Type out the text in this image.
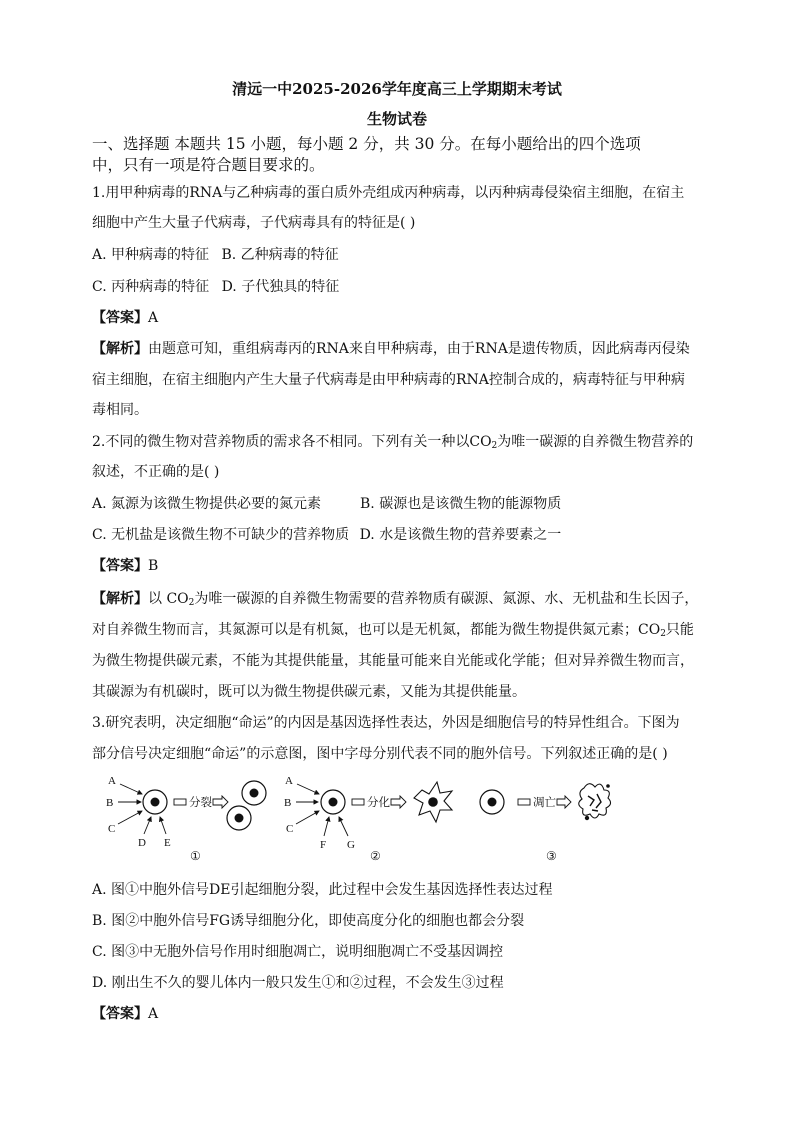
清远一中2025-2026学年度高三上学期期末考试
生物试卷
一、选择题 本题共 15 小题，每小题 2 分，共 30 分。在每小题给出的四个选项
中，只有一项是符合题目要求的。
1.用甲种病毒的RNA与乙种病毒的蛋白质外壳组成丙种病毒，以丙种病毒侵染宿主细胞，在宿主
细胞中产生大量子代病毒，子代病毒具有的特征是( )
A. 甲种病毒的特征 B. 乙种病毒的特征
C. 丙种病毒的特征 D. 子代独具的特征
【答案】A
【解析】由题意可知，重组病毒丙的RNA来自甲种病毒，由于RNA是遗传物质，因此病毒丙侵染
宿主细胞，在宿主细胞内产生大量子代病毒是由甲种病毒的RNA控制合成的，病毒特征与甲种病
毒相同。
2.不同的微生物对营养物质的需求各不相同。下列有关一种以$CO_2$为唯一碳源的自养微生物营养的
叙述，不正确的是( )
A. 氮源为该微生物提供必要的氮元素	B. 碳源也是该微生物的能源物质
C. 无机盐是该微生物不可缺少的营养物质 D. 水是该微生物的营养要素之一
【答案】B
【解析】以 $CO_2$为唯一碳源的自养微生物需要的营养物质有碳源、氮源、水、无机盐和生长因子，
对自养微生物而言，其氮源可以是有机氮，也可以是无机氮，都能为微生物提供氮元素；$CO_2$只能
为微生物提供碳元素，不能为其提供能量，其能量可能来自光能或化学能；但对异养微生物而言，
其碳源为有机碳时，既可以为微生物提供碳元素，又能为其提供能量。
3.研究表明，决定细胞“命运”的内因是基因选择性表达，外因是细胞信号的特异性组合。下图为
部分信号决定细胞“命运”的示意图，图中字母分别代表不同的胞外信号。下列叙述正确的是( )
A
B
C
D E
分裂
①
A
B
C
F G
分化
②
凋亡
③
A. 图①中胞外信号DE引起细胞分裂，此过程中会发生基因选择性表达过程
B. 图②中胞外信号FG诱导细胞分化，即使高度分化的细胞也都会分裂
C. 图③中无胞外信号作用时细胞凋亡，说明细胞凋亡不受基因调控
D. 刚出生不久的婴儿体内一般只发生①和②过程，不会发生③过程
【答案】A
